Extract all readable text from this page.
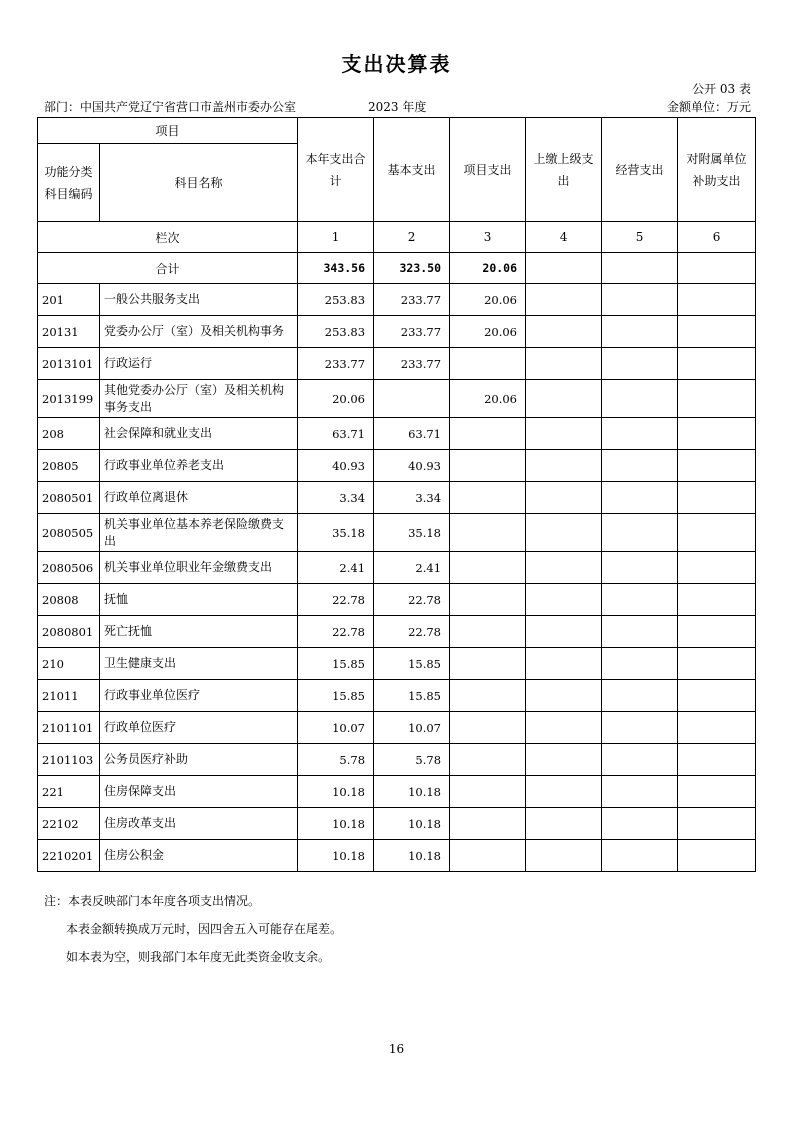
支出决算表
公开 03 表
部门：中国共产党辽宁省营口市盖州市委办公室	2023 年度	金额单位：万元
项目		本年支出合计	基本支出	项目支出	上缴上级支出	经营支出	对附属单位补助支出
功能分类科目编码	科目名称						
栏次		1	2	3	4	5	6
合计		343.56	323.50	20.06			
201	一般公共服务支出	253.83	233.77	20.06			
20131	党委办公厅（室）及相关机构事务	253.83	233.77	20.06			
2013101	行政运行	233.77	233.77				
2013199	其他党委办公厅（室）及相关机构事务支出	20.06		20.06			
208	社会保障和就业支出	63.71	63.71				
20805	行政事业单位养老支出	40.93	40.93				
2080501	行政单位离退休	3.34	3.34				
2080505	机关事业单位基本养老保险缴费支出	35.18	35.18				
2080506	机关事业单位职业年金缴费支出	2.41	2.41				
20808	抚恤	22.78	22.78				
2080801	死亡抚恤	22.78	22.78				
210	卫生健康支出	15.85	15.85				
21011	行政事业单位医疗	15.85	15.85				
2101101	行政单位医疗	10.07	10.07				
2101103	公务员医疗补助	5.78	5.78				
221	住房保障支出	10.18	10.18				
22102	住房改革支出	10.18	10.18				
2210201	住房公积金	10.18	10.18				
注：本表反映部门本年度各项支出情况。
本表金额转换成万元时，因四舍五入可能存在尾差。
如本表为空，则我部门本年度无此类资金收支余。
16
